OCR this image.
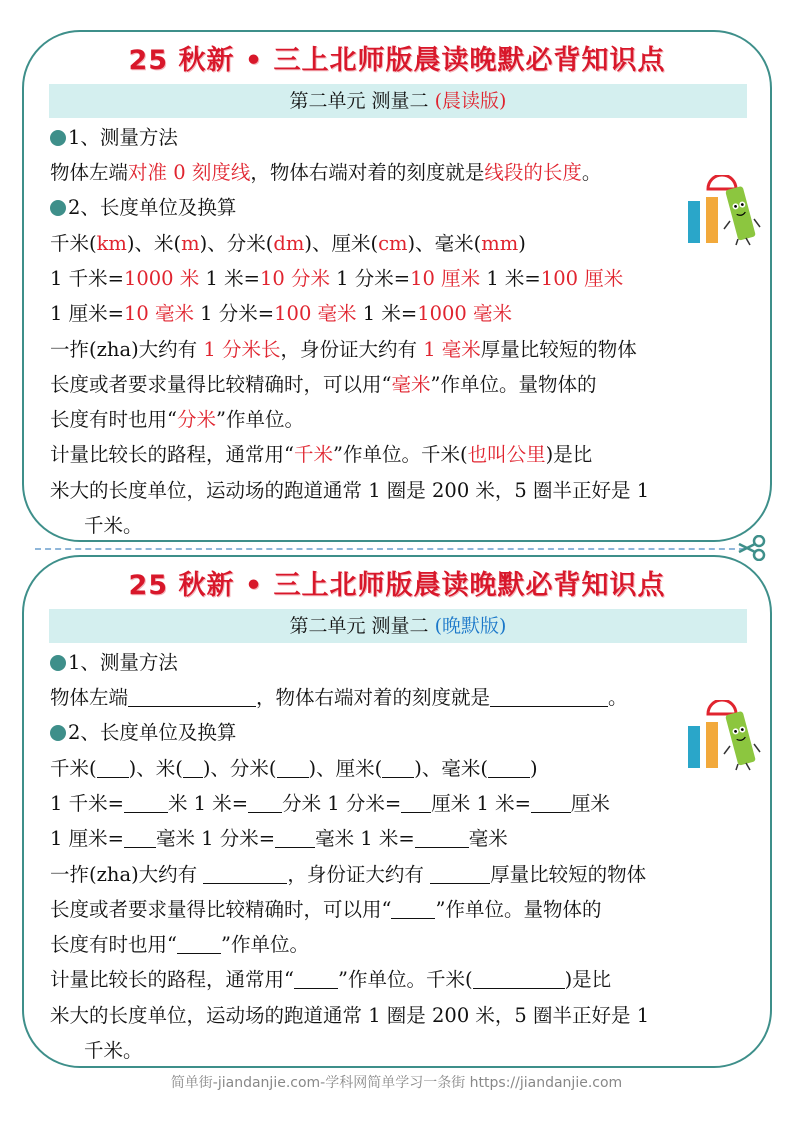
25 秋新 • 三上北师版晨读晚默必背知识点
第二单元 测量二 (晨读版)
1、测量方法
物体左端对准 0 刻度线，物体右端对着的刻度就是线段的长度。
2、长度单位及换算
千米(km)、米(m)、分米(dm)、厘米(cm)、毫米(mm)
1 千米=1000 米 1 米=10 分米 1 分米=10 厘米 1 米=100 厘米
1 厘米=10 毫米 1 分米=100 毫米 1 米=1000 毫米
一拃(zha)大约有 1 分米长，身份证大约有 1 毫米厚量比较短的物体
长度或者要求量得比较精确时，可以用“毫米”作单位。量物体的
长度有时也用“分米”作单位。
计量比较长的路程，通常用“千米”作单位。千米(也叫公里)是比
米大的长度单位，运动场的跑道通常 1 圈是 200 米，5 圈半正好是 1
千米。
25 秋新 • 三上北师版晨读晚默必背知识点
第二单元 测量二 (晚默版)
1、测量方法
物体左端	，物体右端对着的刻度就是	。
2、长度单位及换算
千米( )、米( )、分米( )、厘米( )、毫米( )
1 千米= 米 1 米= 分米 1 分米= 厘米 1 米= 厘米
1 厘米= 毫米 1 分米= 毫米 1 米=	毫米
一拃(zha)大约有	，身份证大约有	厚量比较短的物体
长度或者要求量得比较精确时，可以用“ ”作单位。量物体的
长度有时也用“ ”作单位。
计量比较长的路程，通常用“ ”作单位。千米(	)是比
米大的长度单位，运动场的跑道通常 1 圈是 200 米，5 圈半正好是 1
千米。
简单街-jiandanjie.com-学科网简单学习一条街 https://jiandanjie.com
